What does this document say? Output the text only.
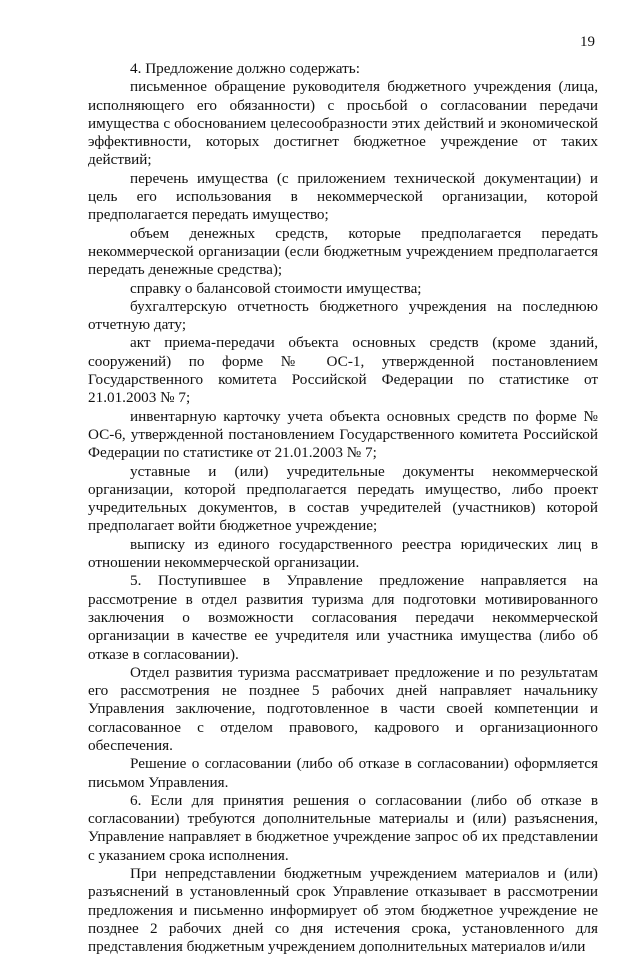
19

4. Предложение должно содержать:

письменное обращение руководителя бюджетного учреждения (лица, исполняющего его обязанности) с просьбой о согласовании передачи имущества с обоснованием целесообразности этих действий и экономической эффективности, которых достигнет бюджетное учреждение от таких действий;

перечень имущества (с приложением технической документации) и цель его использования в некоммерческой организации, которой предполагается передать имущество;

объем денежных средств, которые предполагается передать некоммерческой организации (если бюджетным учреждением предполагается передать денежные средства);

справку о балансовой стоимости имущества;

бухгалтерскую отчетность бюджетного учреждения на последнюю отчетную дату;

акт приема-передачи объекта основных средств (кроме зданий, сооружений) по форме № ОС-1, утвержденной постановлением Государственного комитета Российской Федерации по статистике от 21.01.2003 № 7;

инвентарную карточку учета объекта основных средств по форме № ОС-6, утвержденной постановлением Государственного комитета Российской Федерации по статистике от 21.01.2003 № 7;

уставные и (или) учредительные документы некоммерческой организации, которой предполагается передать имущество, либо проект учредительных документов, в состав учредителей (участников) которой предполагает войти бюджетное учреждение;

выписку из единого государственного реестра юридических лиц в отношении некоммерческой организации.

5. Поступившее в Управление предложение направляется на рассмотрение в отдел развития туризма для подготовки мотивированного заключения о возможности согласования передачи некоммерческой организации в качестве ее учредителя или участника имущества (либо об отказе в согласовании).

Отдел развития туризма рассматривает предложение и по результатам его рассмотрения не позднее 5 рабочих дней направляет начальнику Управления заключение, подготовленное в части своей компетенции и согласованное с отделом правового, кадрового и организационного обеспечения.

Решение о согласовании (либо об отказе в согласовании) оформляется письмом Управления.

6. Если для принятия решения о согласовании (либо об отказе в согласовании) требуются дополнительные материалы и (или) разъяснения, Управление направляет в бюджетное учреждение запрос об их представлении с указанием срока исполнения.

При непредставлении бюджетным учреждением материалов и (или) разъяснений в установленный срок Управление отказывает в рассмотрении предложения и письменно информирует об этом бюджетное учреждение не позднее 2 рабочих дней со дня истечения срока, установленного для представления бюджетным учреждением дополнительных материалов и/или
